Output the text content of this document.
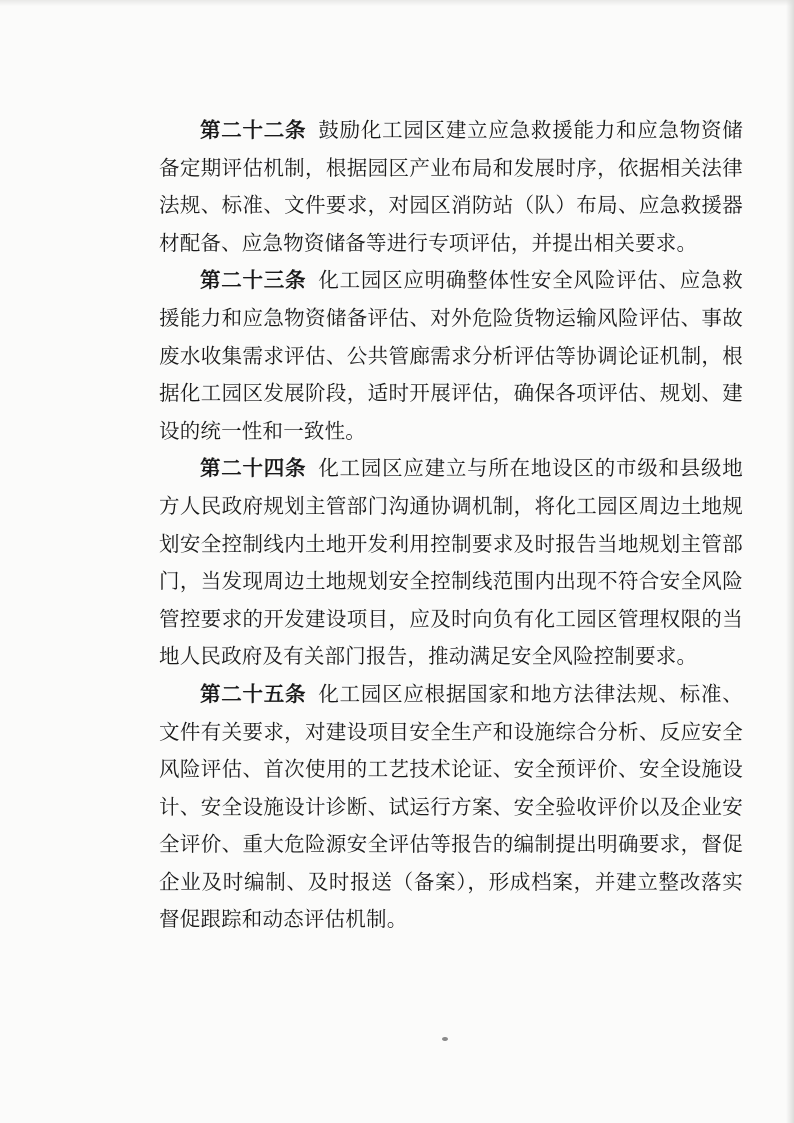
第二十二条 鼓励化工园区建立应急救援能力和应急物资储备定期评估机制，根据园区产业布局和发展时序，依据相关法律法规、标准、文件要求，对园区消防站（队）布局、应急救援器材配备、应急物资储备等进行专项评估，并提出相关要求。

第二十三条 化工园区应明确整体性安全风险评估、应急救援能力和应急物资储备评估、对外危险货物运输风险评估、事故废水收集需求评估、公共管廊需求分析评估等协调论证机制，根据化工园区发展阶段，适时开展评估，确保各项评估、规划、建设的统一性和一致性。

第二十四条 化工园区应建立与所在地设区的市级和县级地方人民政府规划主管部门沟通协调机制，将化工园区周边土地规划安全控制线内土地开发利用控制要求及时报告当地规划主管部门，当发现周边土地规划安全控制线范围内出现不符合安全风险管控要求的开发建设项目，应及时向负有化工园区管理权限的当地人民政府及有关部门报告，推动满足安全风险控制要求。

第二十五条 化工园区应根据国家和地方法律法规、标准、文件有关要求，对建设项目安全生产和设施综合分析、反应安全风险评估、首次使用的工艺技术论证、安全预评价、安全设施设计、安全设施设计诊断、试运行方案、安全验收评价以及企业安全评价、重大危险源安全评估等报告的编制提出明确要求，督促企业及时编制、及时报送（备案），形成档案，并建立整改落实督促跟踪和动态评估机制。
